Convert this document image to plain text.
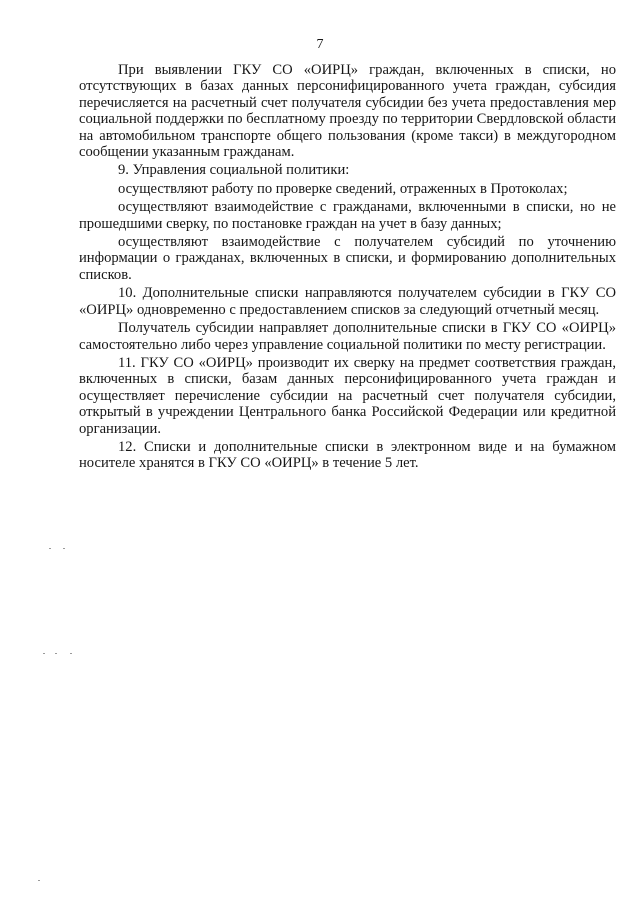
7

При выявлении ГКУ СО «ОИРЦ» граждан, включенных в списки, но отсутствующих в базах данных персонифицированного учета граждан, субсидия перечисляется на расчетный счет получателя субсидии без учета предоставления мер социальной поддержки по бесплатному проезду по территории Свердловской области на автомобильном транспорте общего пользования (кроме такси) в междугородном сообщении указанным гражданам.

9. Управления социальной политики:

осуществляют работу по проверке сведений, отраженных в Протоколах;

осуществляют взаимодействие с гражданами, включенными в списки, но не прошедшими сверку, по постановке граждан на учет в базу данных;

осуществляют взаимодействие с получателем субсидий по уточнению информации о гражданах, включенных в списки, и формированию дополнительных списков.

10. Дополнительные списки направляются получателем субсидии в ГКУ СО «ОИРЦ» одновременно с предоставлением списков за следующий отчетный месяц.

Получатель субсидии направляет дополнительные списки в ГКУ СО «ОИРЦ» самостоятельно либо через управление социальной политики по месту регистрации.

11. ГКУ СО «ОИРЦ» производит их сверку на предмет соответствия граждан, включенных в списки, базам данных персонифицированного учета граждан и осуществляет перечисление субсидии на расчетный счет получателя субсидии, открытый в учреждении Центрального банка Российской Федерации или кредитной организации.

12. Списки и дополнительные списки в электронном виде и на бумажном носителе хранятся в ГКУ СО «ОИРЦ» в течение 5 лет.
